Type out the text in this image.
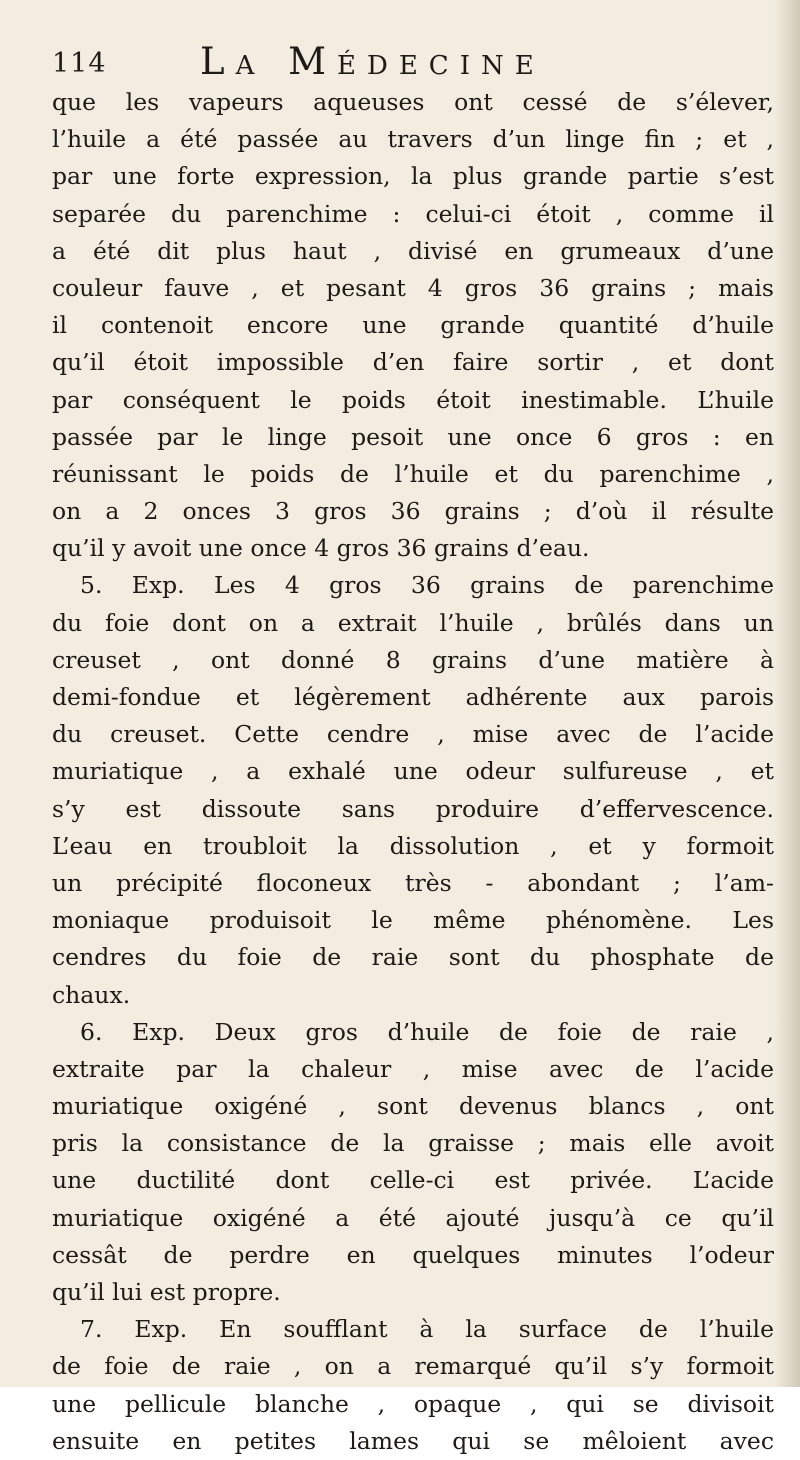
114	La Médecine
que les vapeurs aqueuses ont cessé de s’élever,
l’huile a été passée au travers d’un linge fin ; et ,
par une forte expression, la plus grande partie s’est
separée du parenchime : celui-ci étoit , comme il
a été dit plus haut , divisé en grumeaux d’une
couleur fauve , et pesant 4 gros 36 grains ; mais
il contenoit encore une grande quantité d’huile
qu’il étoit impossible d’en faire sortir , et dont
par conséquent le poids étoit inestimable. L’huile
passée par le linge pesoit une once 6 gros : en
réunissant le poids de l’huile et du parenchime ,
on a 2 onces 3 gros 36 grains ; d’où il résulte
qu’il y avoit une once 4 gros 36 grains d’eau.
5. Exp. Les 4 gros 36 grains de parenchime
du foie dont on a extrait l’huile , brûlés dans un
creuset , ont donné 8 grains d’une matière à
demi-fondue et légèrement adhérente aux parois
du creuset. Cette cendre , mise avec de l’acide
muriatique , a exhalé une odeur sulfureuse , et
s’y est dissoute sans produire d’effervescence.
L’eau en troubloit la dissolution , et y formoit
un précipité floconeux très - abondant ; l’am-
moniaque produisoit le même phénomène. Les
cendres du foie de raie sont du phosphate de
chaux.
6. Exp. Deux gros d’huile de foie de raie ,
extraite par la chaleur , mise avec de l’acide
muriatique oxigéné , sont devenus blancs , ont
pris la consistance de la graisse ; mais elle avoit
une ductilité dont celle-ci est privée. L’acide
muriatique oxigéné a été ajouté jusqu’à ce qu’il
cessât de perdre en quelques minutes l’odeur
qu’il lui est propre.
7. Exp. En soufflant à la surface de l’huile
de foie de raie , on a remarqué qu’il s’y formoit
une pellicule blanche , opaque , qui se divisoit
ensuite en petites lames qui se mêloient avec
